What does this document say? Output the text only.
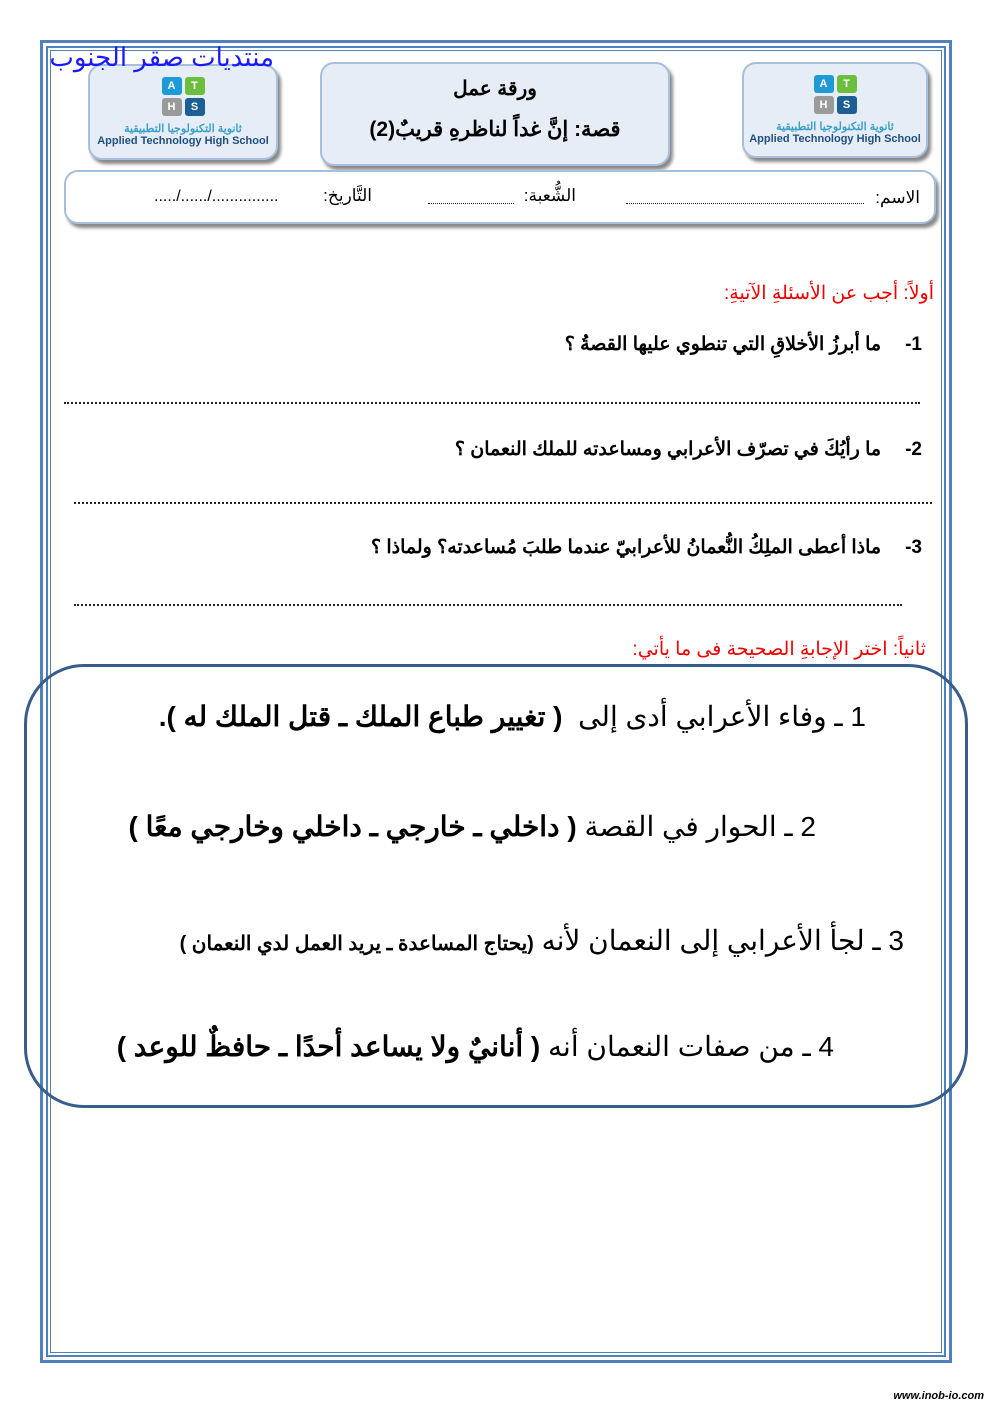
A	T
H	S
ثانوية التكنولوجيا التطبيقية
Applied Technology High School
منتديات صقر الجنوب
ورقة عمل
قصة: إنَّ غداً لناظرهِ قريبٌ(2)
A	T
H	S
ثانوية التكنولوجيا التطبيقية
Applied Technology High School
الاسم:
الشُّعبة:
التَّاريخ:
...../....../...............
أولاً: أجب عن الأسئلةِ الآتيةِ:
1-ما أبرزُ الأخلاقِ التي تنطوي عليها القصةُ ؟
2-ما رأيُكَ في تصرّف الأعرابي ومساعدته للملك النعمان ؟
3-ماذا أعطى الملِكُ النُّعمانُ للأعرابيّ عندما طلبَ مُساعدته؟ ولماذا ؟
ثانياً: اختر الإجابةِ الصحيحة فى ما يأتي:
1 ـ وفاء الأعرابي أدى إلى  ( تغيير طباع الملك ـ قتل الملك له ).
2 ـ الحوار في القصة ( داخلي ـ خارجي ـ داخلي وخارجي معًا )
3 ـ لجأ الأعرابي إلى النعمان لأنه (يحتاج المساعدة ـ يريد العمل لدي النعمان )
4 ـ من صفات النعمان أنه ( أنانيٌ ولا يساعد أحدًا ـ حافظٌ للوعد )
www.inob-io.com
